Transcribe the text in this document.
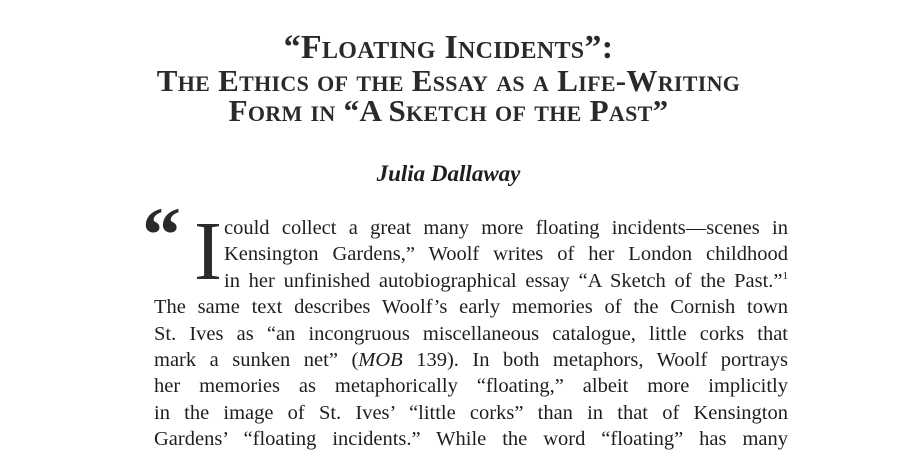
“Floating Incidents”:
The Ethics of the Essay as a Life-Writing
Form in “A Sketch of the Past”
Julia Dallaway
“ I could collect a great many more floating incidents—scenes in
Kensington Gardens,” Woolf writes of her London childhood
in her unfinished autobiographical essay “A Sketch of the Past.”$^1$
The same text describes Woolf’s early memories of the Cornish town
St. Ives as “an incongruous miscellaneous catalogue, little corks that
mark a sunken net” (MOB 139). In both metaphors, Woolf portrays
her memories as metaphorically “floating,” albeit more implicitly
in the image of St. Ives’ “little corks” than in that of Kensington
Gardens’ “floating incidents.” While the word “floating” has many
